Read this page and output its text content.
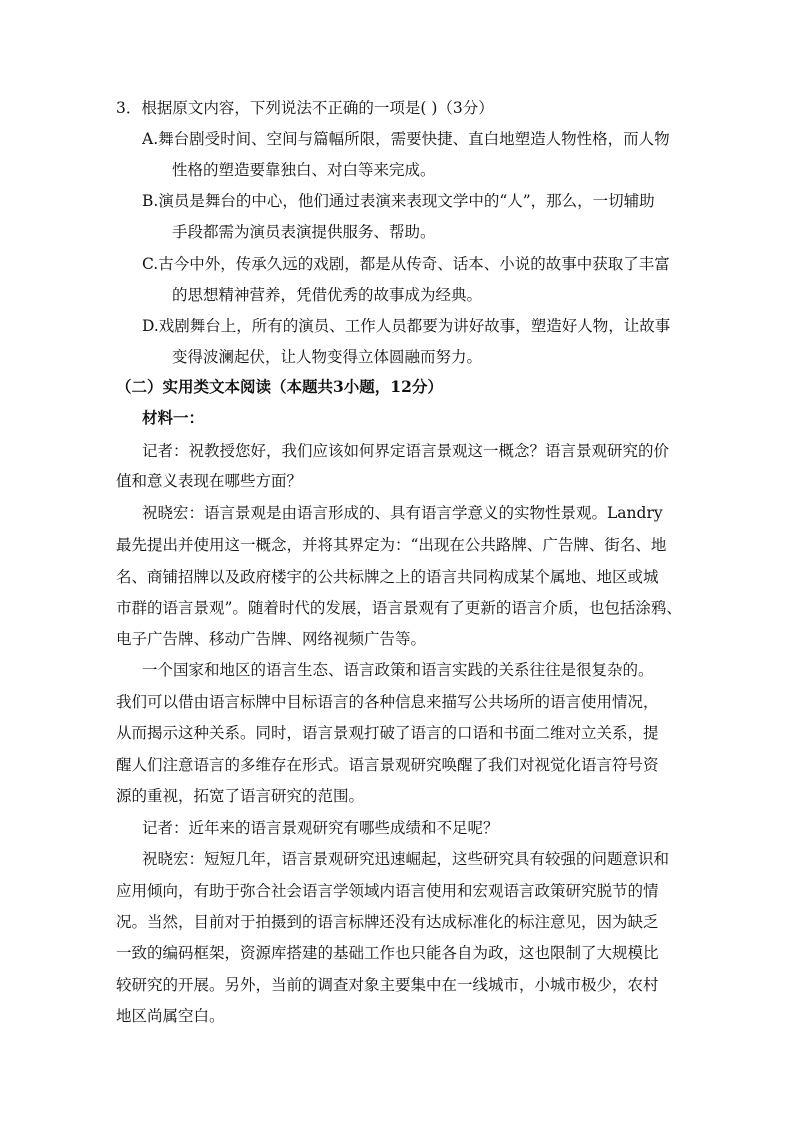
3．根据原文内容，下列说法不正确的一项是( )（3分）
A.舞台剧受时间、空间与篇幅所限，需要快捷、直白地塑造人物性格，而人物
性格的塑造要靠独白、对白等来完成。
B.演员是舞台的中心，他们通过表演来表现文学中的“人”，那么，一切辅助
手段都需为演员表演提供服务、帮助。
C.古今中外，传承久远的戏剧，都是从传奇、话本、小说的故事中获取了丰富
的思想精神营养，凭借优秀的故事成为经典。
D.戏剧舞台上，所有的演员、工作人员都要为讲好故事，塑造好人物，让故事
变得波澜起伏，让人物变得立体圆融而努力。
（二）实用类文本阅读（本题共3小题，12分）
材料一：
记者：祝教授您好，我们应该如何界定语言景观这一概念？语言景观研究的价
值和意义表现在哪些方面？
祝晓宏：语言景观是由语言形成的、具有语言学意义的实物性景观。Landry
最先提出并使用这一概念，并将其界定为：“出现在公共路牌、广告牌、街名、地
名、商铺招牌以及政府楼宇的公共标牌之上的语言共同构成某个属地、地区或城
市群的语言景观”。随着时代的发展，语言景观有了更新的语言介质，也包括涂鸦、
电子广告牌、移动广告牌、网络视频广告等。
一个国家和地区的语言生态、语言政策和语言实践的关系往往是很复杂的。
我们可以借由语言标牌中目标语言的各种信息来描写公共场所的语言使用情况，
从而揭示这种关系。同时，语言景观打破了语言的口语和书面二维对立关系，提
醒人们注意语言的多维存在形式。语言景观研究唤醒了我们对视觉化语言符号资
源的重视，拓宽了语言研究的范围。
记者：近年来的语言景观研究有哪些成绩和不足呢？
祝晓宏：短短几年，语言景观研究迅速崛起，这些研究具有较强的问题意识和
应用倾向，有助于弥合社会语言学领域内语言使用和宏观语言政策研究脱节的情
况。当然，目前对于拍摄到的语言标牌还没有达成标准化的标注意见，因为缺乏
一致的编码框架，资源库搭建的基础工作也只能各自为政，这也限制了大规模比
较研究的开展。另外，当前的调查对象主要集中在一线城市，小城市极少，农村
地区尚属空白。
